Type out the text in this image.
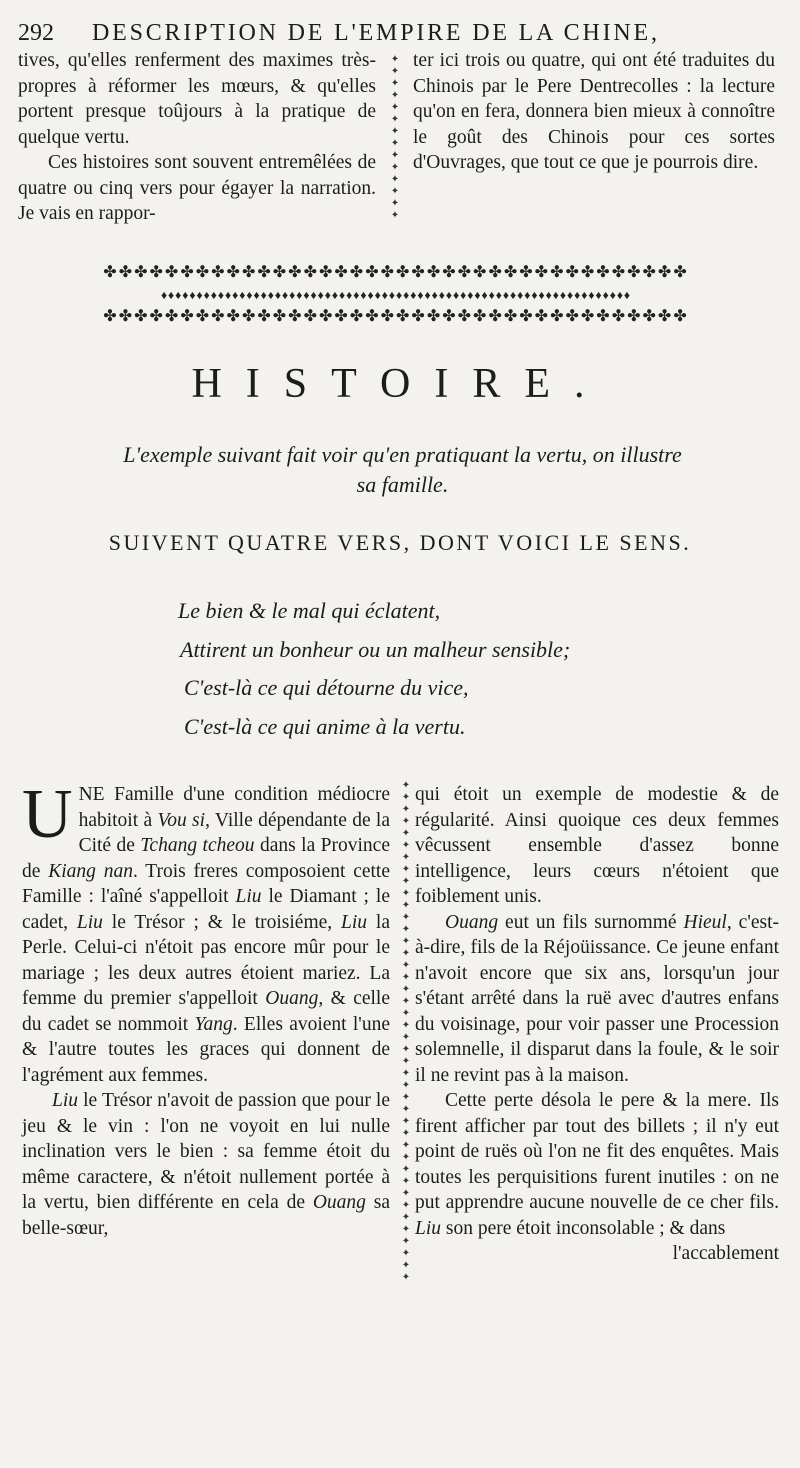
292 DESCRIPTION DE L'EMPIRE DE LA CHINE,

tives, qu'elles renferment des maximes très-propres à réformer les mœurs, & qu'elles portent presque toûjours à la pratique de quelque vertu.

Ces histoires sont souvent entremêlées de quatre ou cinq vers pour égayer la narration. Je vais en rappor-

✦
✦
✦
✦
✦
✦
✦
✦
✦
✦
✦
✦
✦
✦

ter ici trois ou quatre, qui ont été traduites du Chinois par le Pere Dentrecolles : la lecture qu'on en fera, donnera bien mieux à connoître le goût des Chinois pour ces sortes d'Ouvrages, que tout ce que je pourrois dire.

✤✤✤✤✤✤✤✤✤✤✤✤✤✤✤✤✤✤✤✤✤✤✤✤✤✤✤✤✤✤✤✤✤✤✤✤✤✤
♦♦♦♦♦♦♦♦♦♦♦♦♦♦♦♦♦♦♦♦♦♦♦♦♦♦♦♦♦♦♦♦♦♦♦♦♦♦♦♦♦♦♦♦♦♦♦♦♦♦♦♦♦♦♦♦♦♦♦♦♦♦♦♦♦♦
✤✤✤✤✤✤✤✤✤✤✤✤✤✤✤✤✤✤✤✤✤✤✤✤✤✤✤✤✤✤✤✤✤✤✤✤✤✤
HISTOIRE.
L'exemple suivant fait voir qu'en pratiquant la vertu, on illustre
sa famille.
SUIVENT QUATRE VERS, DONT VOICI LE SENS.
Le bien & le mal qui éclatent,
Attirent un bonheur ou un malheur sensible;
C'est-là ce qui détourne du vice,
C'est-là ce qui anime à la vertu.

UNE Famille d'une condition médiocre habitoit à Vou si, Ville dépendante de la Cité de Tchang tcheou dans la Province de Kiang nan. Trois freres composoient cette Famille : l'aîné s'appelloit Liu le Diamant ; le cadet, Liu le Trésor ; & le troisiéme, Liu la Perle. Celui-ci n'étoit pas encore mûr pour le mariage ; les deux autres étoient mariez. La femme du premier s'appelloit Ouang, & celle du cadet se nommoit Yang. Elles avoient l'une & l'autre toutes les graces qui donnent de l'agrément aux femmes.

Liu le Trésor n'avoit de passion que pour le jeu & le vin : l'on ne voyoit en lui nulle inclination vers le bien : sa femme étoit du même caractere, & n'étoit nullement portée à la vertu, bien différente en cela de Ouang sa belle-sœur,

✦
✦
✦
✦
✦
✦
✦
✦
✦
✦
✦
✦
✦
✦
✦
✦
✦
✦
✦
✦
✦
✦
✦
✦
✦
✦
✦
✦
✦
✦
✦
✦
✦
✦
✦
✦
✦
✦
✦
✦
✦
✦

qui étoit un exemple de modestie & de régularité. Ainsi quoique ces deux femmes vêcussent ensemble d'assez bonne intelligence, leurs cœurs n'étoient que foiblement unis.

Ouang eut un fils surnommé Hieul, c'est-à-dire, fils de la Réjoüissance. Ce jeune enfant n'avoit encore que six ans, lorsqu'un jour s'étant arrêté dans la ruë avec d'autres enfans du voisinage, pour voir passer une Procession solemnelle, il disparut dans la foule, & le soir il ne revint pas à la maison.

Cette perte désola le pere & la mere. Ils firent afficher par tout des billets ; il n'y eut point de ruës où l'on ne fit des enquêtes. Mais toutes les perquisitions furent inutiles : on ne put apprendre aucune nouvelle de ce cher fils. Liu son pere étoit inconsolable ; & dans

l'accablement
